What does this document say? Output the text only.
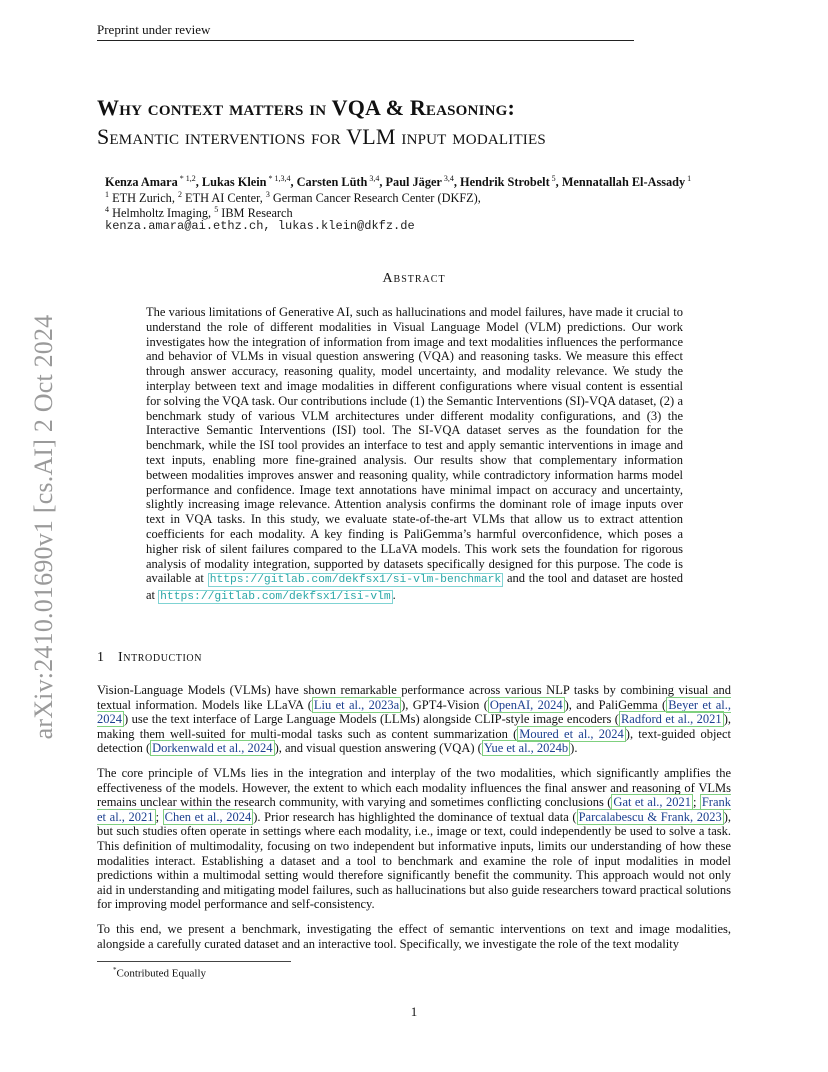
Preprint under review
arXiv:2410.01690v1 [cs.AI] 2 Oct 2024
Why context matters in VQA & Reasoning:
Semantic interventions for VLM input modalities
Kenza Amara $^{* 1,2}$, Lukas Klein $^{* 1,3,4}$, Carsten Lüth $^{3,4}$, Paul Jäger $^{3,4}$, Hendrik Strobelt $^5$, Mennatallah El-Assady $^1$
$^1$ ETH Zurich, $^2$ ETH AI Center, $^3$ German Cancer Research Center (DKFZ),
$^4$ Helmholtz Imaging, $^5$ IBM Research
kenza.amara@ai.ethz.ch, lukas.klein@dkfz.de
Abstract
The various limitations of Generative AI, such as hallucinations and model failures, have made it crucial to understand the role of different modalities in Visual Language Model (VLM) predictions. Our work investigates how the integration of information from image and text modalities influences the performance and behavior of VLMs in visual question answering (VQA) and reasoning tasks. We measure this effect through answer accuracy, reasoning quality, model uncertainty, and modality relevance. We study the interplay between text and image modalities in different configurations where visual content is essential for solving the VQA task. Our contributions include (1) the Semantic Interventions (SI)-VQA dataset, (2) a benchmark study of various VLM architectures under different modality configurations, and (3) the Interactive Semantic Interventions (ISI) tool. The SI-VQA dataset serves as the foundation for the benchmark, while the ISI tool provides an interface to test and apply semantic interventions in image and text inputs, enabling more fine-grained analysis. Our results show that complementary information between modalities improves answer and reasoning quality, while contradictory information harms model performance and confidence. Image text annotations have minimal impact on accuracy and uncertainty, slightly increasing image relevance. Attention analysis confirms the dominant role of image inputs over text in VQA tasks. In this study, we evaluate state-of-the-art VLMs that allow us to extract attention coefficients for each modality. A key finding is PaliGemma’s harmful overconfidence, which poses a higher risk of silent failures compared to the LLaVA models. This work sets the foundation for rigorous analysis of modality integration, supported by datasets specifically designed for this purpose. The code is available at https://gitlab.com/dekfsx1/si-vlm-benchmark and the tool and dataset are hosted at https://gitlab.com/dekfsx1/isi-vlm .
1 Introduction
Vision-Language Models (VLMs) have shown remarkable performance across various NLP tasks by combining visual and textual information. Models like LLaVA ( Liu et al., 2023a ), GPT4-Vision ( OpenAI, 2024 ), and PaliGemma ( Beyer et al., 2024 ) use the text interface of Large Language Models (LLMs) alongside CLIP-style image encoders ( Radford et al., 2021 ), making them well-suited for multi-modal tasks such as content summarization ( Moured et al., 2024 ), text-guided object detection ( Dorkenwald et al., 2024 ), and visual question answering (VQA) ( Yue et al., 2024b ).
The core principle of VLMs lies in the integration and interplay of the two modalities, which significantly amplifies the effectiveness of the models. However, the extent to which each modality influences the final answer and reasoning of VLMs remains unclear within the research community, with varying and sometimes conflicting conclusions ( Gat et al., 2021 ; Frank et al., 2021 ; Chen et al., 2024 ). Prior research has highlighted the dominance of textual data ( Parcalabescu & Frank, 2023 ), but such studies often operate in settings where each modality, i.e., image or text, could independently be used to solve a task. This definition of multimodality, focusing on two independent but informative inputs, limits our understanding of how these modalities interact. Establishing a dataset and a tool to benchmark and examine the role of input modalities in model predictions within a multimodal setting would therefore significantly benefit the community. This approach would not only aid in understanding and mitigating model failures, such as hallucinations but also guide researchers toward practical solutions for improving model performance and self-consistency.
To this end, we present a benchmark, investigating the effect of semantic interventions on text and image modalities, alongside a carefully curated dataset and an interactive tool. Specifically, we investigate the role of the text modality
*Contributed Equally
1
